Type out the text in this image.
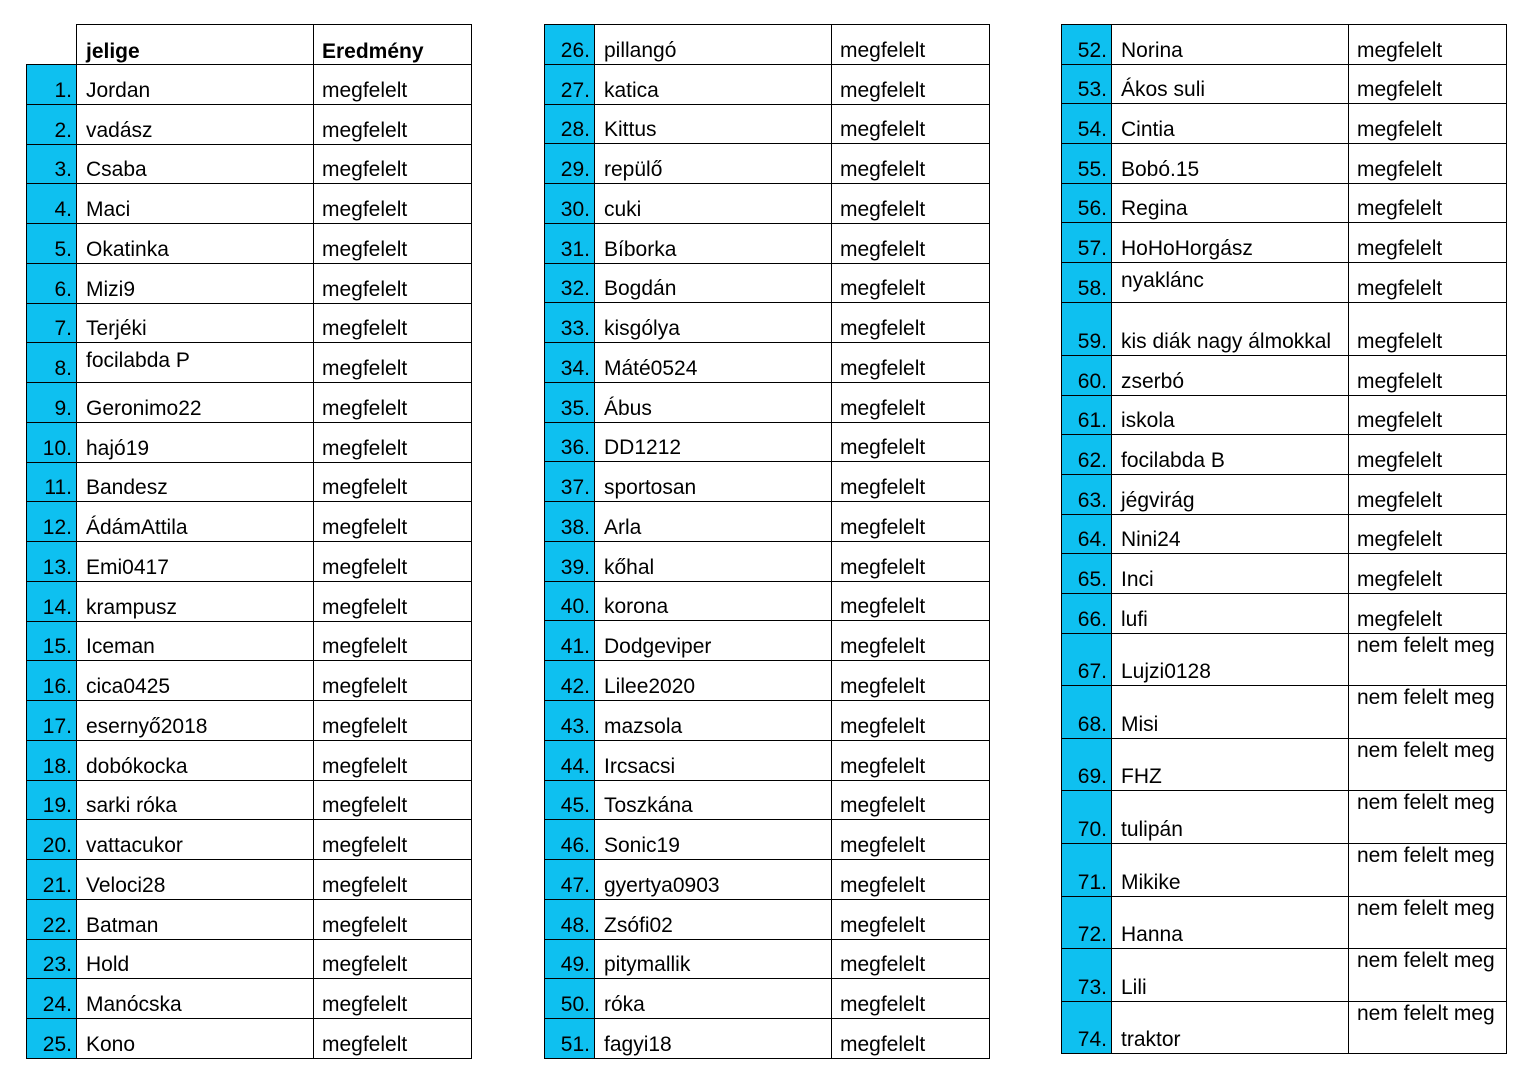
	jelige	Eredmény
1.	Jordan	megfelelt
2.	vadász	megfelelt
3.	Csaba	megfelelt
4.	Maci	megfelelt
5.	Okatinka	megfelelt
6.	Mizi9	megfelelt
7.	Terjéki	megfelelt
8.	focilabda P	megfelelt
9.	Geronimo22	megfelelt
10.	hajó19	megfelelt
11.	Bandesz	megfelelt
12.	ÁdámAttila	megfelelt
13.	Emi0417	megfelelt
14.	krampusz	megfelelt
15.	Iceman	megfelelt
16.	cica0425	megfelelt
17.	esernyő2018	megfelelt
18.	dobókocka	megfelelt
19.	sarki róka	megfelelt
20.	vattacukor	megfelelt
21.	Veloci28	megfelelt
22.	Batman	megfelelt
23.	Hold	megfelelt
24.	Manócska	megfelelt
25.	Kono	megfelelt
26.	pillangó	megfelelt
27.	katica	megfelelt
28.	Kittus	megfelelt
29.	repülő	megfelelt
30.	cuki	megfelelt
31.	Bíborka	megfelelt
32.	Bogdán	megfelelt
33.	kisgólya	megfelelt
34.	Máté0524	megfelelt
35.	Ábus	megfelelt
36.	DD1212	megfelelt
37.	sportosan	megfelelt
38.	Arla	megfelelt
39.	kőhal	megfelelt
40.	korona	megfelelt
41.	Dodgeviper	megfelelt
42.	Lilee2020	megfelelt
43.	mazsola	megfelelt
44.	Ircsacsi	megfelelt
45.	Toszkána	megfelelt
46.	Sonic19	megfelelt
47.	gyertya0903	megfelelt
48.	Zsófi02	megfelelt
49.	pitymallik	megfelelt
50.	róka	megfelelt
51.	fagyi18	megfelelt
52.	Norina	megfelelt
53.	Ákos suli	megfelelt
54.	Cintia	megfelelt
55.	Bobó.15	megfelelt
56.	Regina	megfelelt
57.	HoHoHorgász	megfelelt
58.	nyaklánc	megfelelt
59.	kis diák nagy álmokkal	megfelelt
60.	zserbó	megfelelt
61.	iskola	megfelelt
62.	focilabda B	megfelelt
63.	jégvirág	megfelelt
64.	Nini24	megfelelt
65.	Inci	megfelelt
66.	lufi	megfelelt
67.	Lujzi0128	nem felelt meg
68.	Misi	nem felelt meg
69.	FHZ	nem felelt meg
70.	tulipán	nem felelt meg
71.	Mikike	nem felelt meg
72.	Hanna	nem felelt meg
73.	Lili	nem felelt meg
74.	traktor	nem felelt meg
